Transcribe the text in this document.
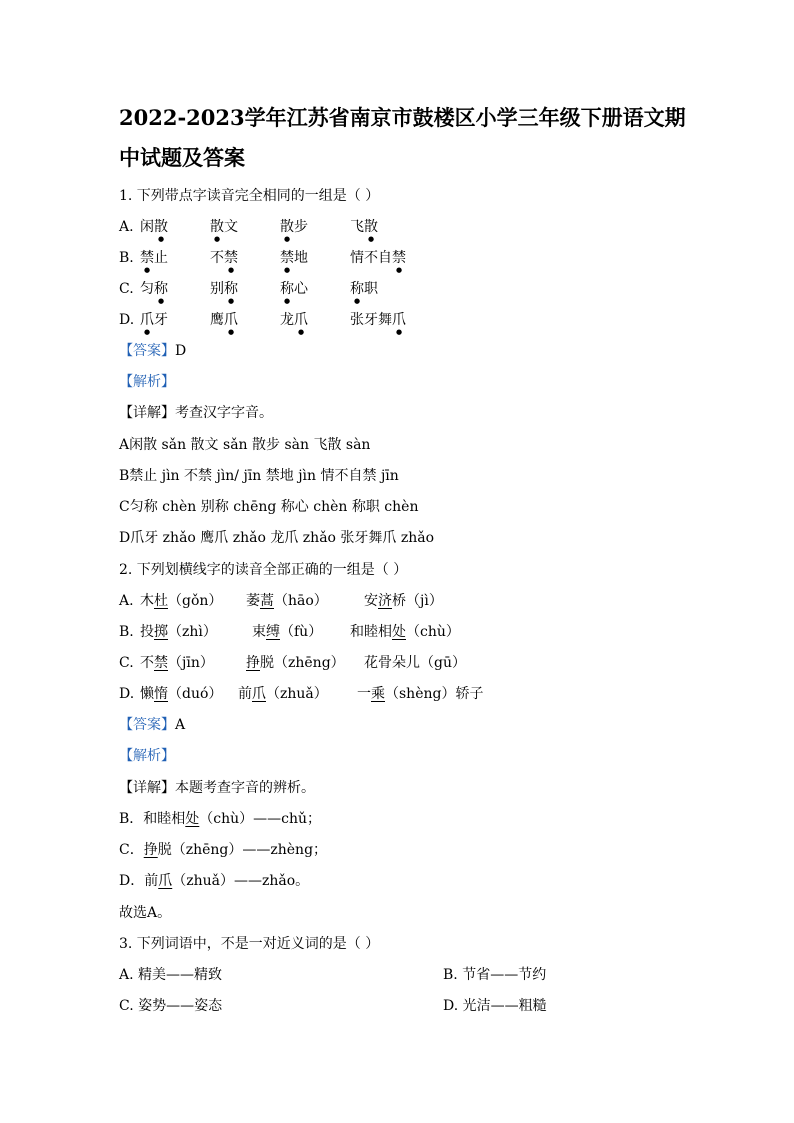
2022-2023学年江苏省南京市鼓楼区小学三年级下册语文期
中试题及答案
1. 下列带点字读音完全相同的一组是（ ）
A. 闲散	散文	散步	飞散
B. 禁止	不禁	禁地	情不自禁
C. 匀称	别称	称心	称职
D. 爪牙	鹰爪	龙爪	张牙舞爪
【答案】D
【解析】
【详解】考查汉字字音。
A闲散 sǎn 散文 sǎn 散步 sàn 飞散 sàn
B禁止 jìn 不禁 jìn/ jīn 禁地 jìn 情不自禁 jīn
C匀称 chèn 别称 chēng 称心 chèn 称职 chèn
D爪牙 zhǎo 鹰爪 zhǎo 龙爪 zhǎo 张牙舞爪 zhǎo
2. 下列划横线字的读音全部正确的一组是（ ）
A. 木杜（gǒn） 萎蒿（hāo）	安济桥（jì）
B. 投掷（zhì）	束缚（fù） 和睦相处（chù）
C. 不禁（jīn） 挣脱（zhēng） 花骨朵儿（gū）
D. 懒惰（duó） 前爪（zhuǎ） 一乘（shèng）轿子
【答案】A
【解析】
【详解】本题考查字音的辨析。
B．和睦相处（chù）——chǔ；
C．挣脱（zhēng）——zhèng；
D．前爪（zhuǎ）——zhǎo。
故选A。
3. 下列词语中，不是一对近义词的是（ ）
A. 精美——精致	B. 节省——节约
C. 姿势——姿态	D. 光洁——粗糙
